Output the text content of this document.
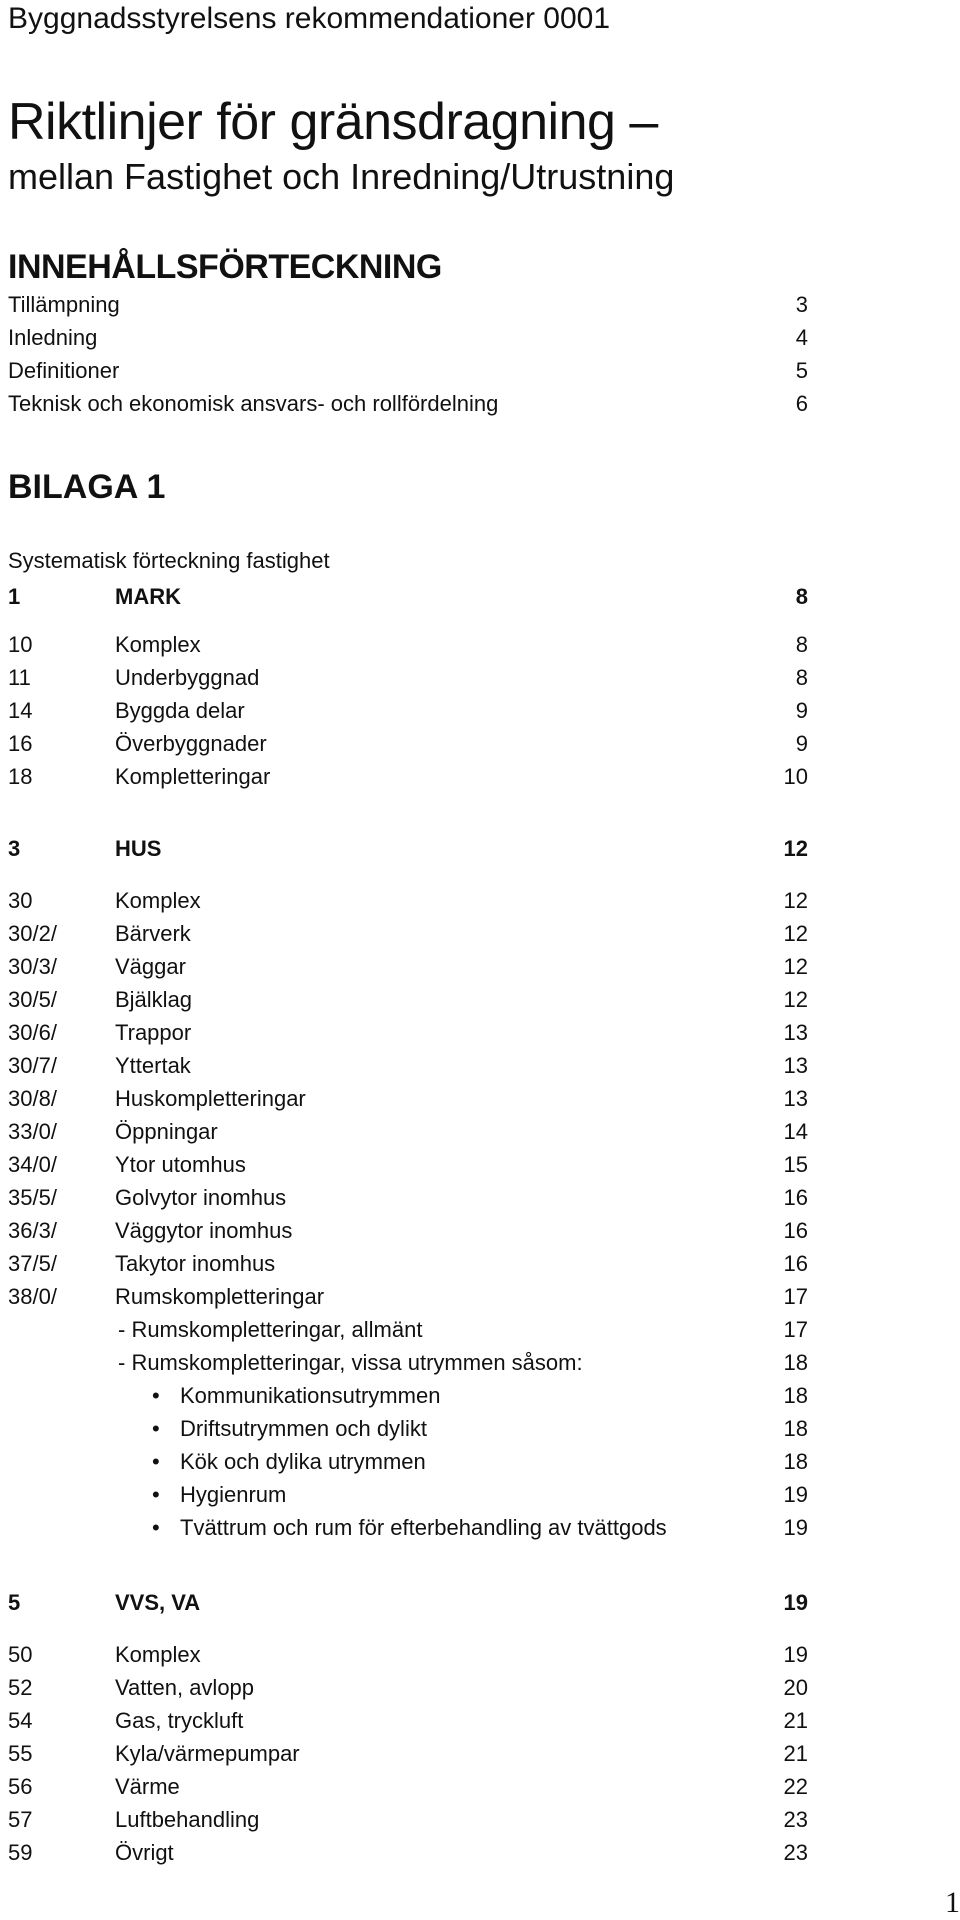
Byggnadsstyrelsens rekommendationer 0001
Riktlinjer för gränsdragning –
mellan Fastighet och Inredning/Utrustning
INNEHÅLLSFÖRTECKNING
Tillämpning	3
Inledning	4
Definitioner	5
Teknisk och ekonomisk ansvars- och rollfördelning	6
BILAGA 1
Systematisk förteckning fastighet
1	MARK	8
10	Komplex	8
11	Underbyggnad	8
14	Byggda delar	9
16	Överbyggnader	9
18	Kompletteringar	10
3	HUS	12
30	Komplex	12
30/2/	Bärverk	12
30/3/	Väggar	12
30/5/	Bjälklag	12
30/6/	Trappor	13
30/7/	Yttertak	13
30/8/	Huskompletteringar	13
33/0/	Öppningar	14
34/0/	Ytor utomhus	15
35/5/	Golvytor inomhus	16
36/3/	Väggytor inomhus	16
37/5/	Takytor inomhus	16
38/0/	Rumskompletteringar	17
- Rumskompletteringar, allmänt	17
- Rumskompletteringar, vissa utrymmen såsom:	18
• Kommunikationsutrymmen	18
• Driftsutrymmen och dylikt	18
• Kök och dylika utrymmen	18
• Hygienrum	19
• Tvättrum och rum för efterbehandling av tvättgods	19
5	VVS, VA	19
50	Komplex	19
52	Vatten, avlopp	20
54	Gas, tryckluft	21
55	Kyla/värmepumpar	21
56	Värme	22
57	Luftbehandling	23
59	Övrigt	23
1
